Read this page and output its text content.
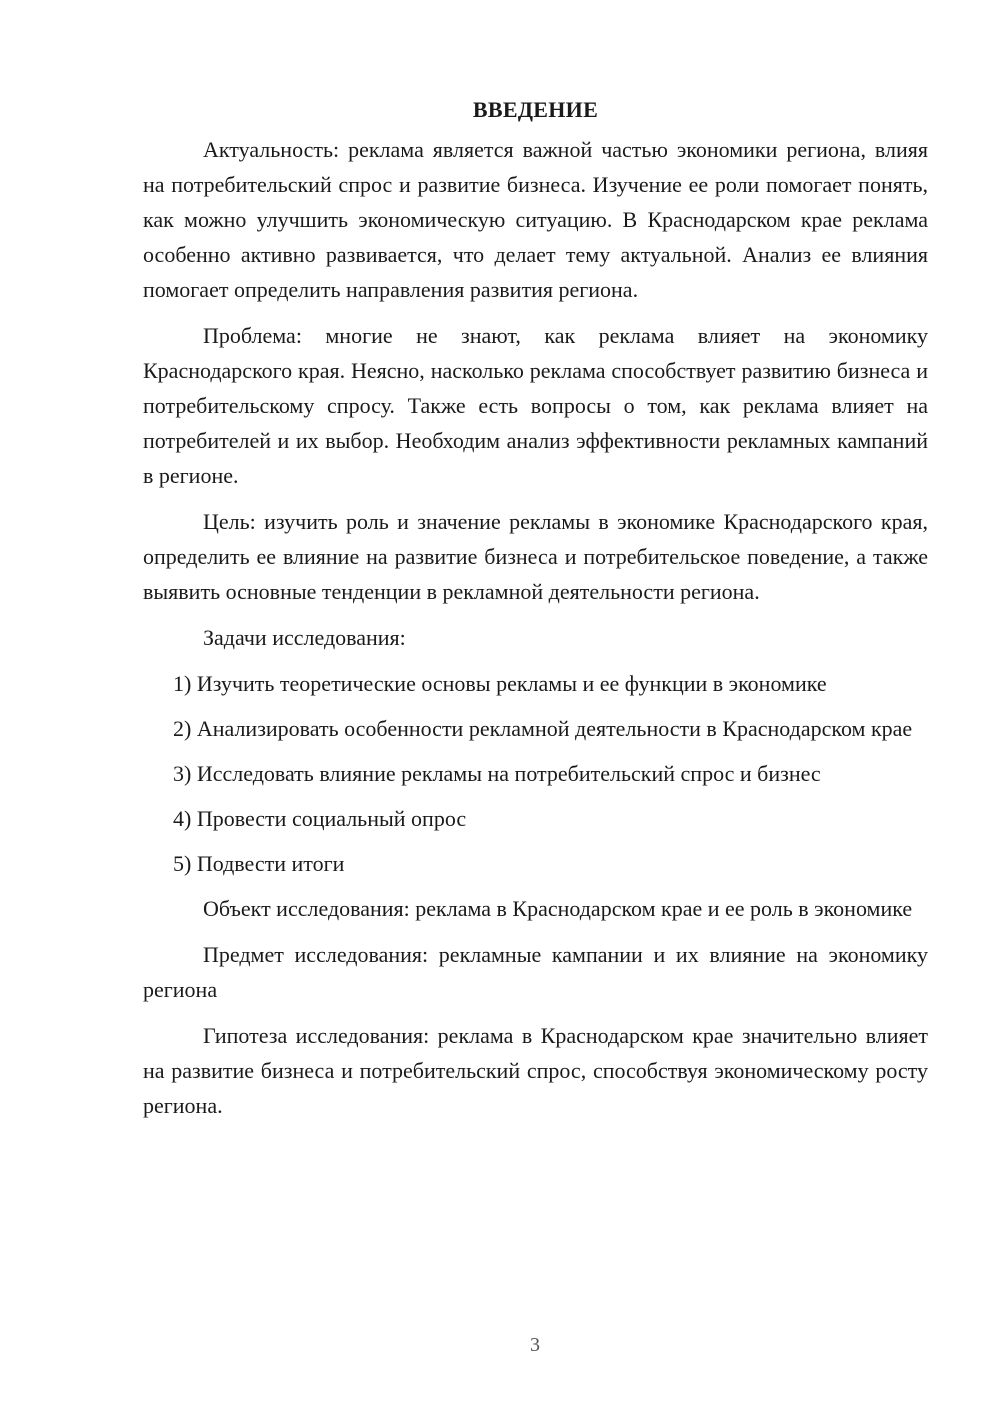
ВВЕДЕНИЕ

Актуальность: реклама является важной частью экономики региона, влияя на потребительский спрос и развитие бизнеса. Изучение ее роли помогает понять, как можно улучшить экономическую ситуацию. В Краснодарском крае реклама особенно активно развивается, что делает тему актуальной. Анализ ее влияния помогает определить направления развития региона.

Проблема: многие не знают, как реклама влияет на экономику Краснодарского края. Неясно, насколько реклама способствует развитию бизнеса и потребительскому спросу. Также есть вопросы о том, как реклама влияет на потребителей и их выбор. Необходим анализ эффективности рекламных кампаний в регионе.

Цель: изучить роль и значение рекламы в экономике Краснодарского края, определить ее влияние на развитие бизнеса и потребительское поведение, а также выявить основные тенденции в рекламной деятельности региона.

Задачи исследования:

1) Изучить теоретические основы рекламы и ее функции в экономике

2) Анализировать особенности рекламной деятельности в Краснодарском крае

3) Исследовать влияние рекламы на потребительский спрос и бизнес

4) Провести социальный опрос

5) Подвести итоги

Объект исследования: реклама в Краснодарском крае и ее роль в экономике

Предмет исследования: рекламные кампании и их влияние на экономику региона

Гипотеза исследования: реклама в Краснодарском крае значительно влияет на развитие бизнеса и потребительский спрос, способствуя экономическому росту региона.

3
